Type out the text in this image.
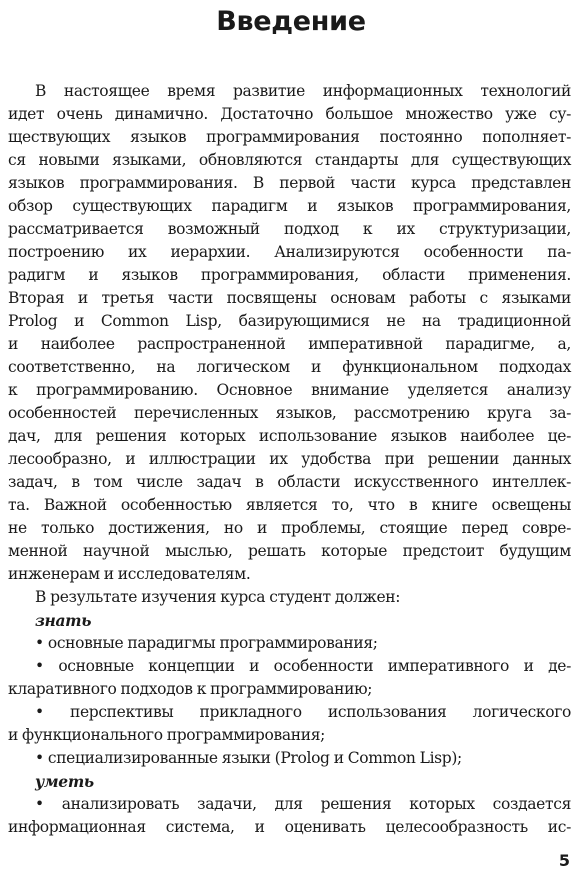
Введение
В настоящее время развитие информационных технологий
идет очень динамично. Достаточно большое множество уже су-
ществующих языков программирования постоянно пополняет-
ся новыми языками, обновляются стандарты для существующих
языков программирования. В первой части курса представлен
обзор существующих парадигм и языков программирования,
рассматривается возможный подход к их структуризации,
построению их иерархии. Анализируются особенности па-
радигм и языков программирования, области применения.
Вторая и третья части посвящены основам работы с языками
Prolog и Common Lisp, базирующимися не на традиционной
и наиболее распространенной императивной парадигме, а,
соответственно, на логическом и функциональном подходах
к программированию. Основное внимание уделяется анализу
особенностей перечисленных языков, рассмотрению круга за-
дач, для решения которых использование языков наиболее це-
лесообразно, и иллюстрации их удобства при решении данных
задач, в том числе задач в области искусственного интеллек-
та. Важной особенностью является то, что в книге освещены
не только достижения, но и проблемы, стоящие перед совре-
менной научной мыслью, решать которые предстоит будущим
инженерам и исследователям.
В результате изучения курса студент должен:
знать
• основные парадигмы программирования;
• основные концепции и особенности императивного и де-
кларативного подходов к программированию;
• перспективы прикладного использования логического
и функционального программирования;
• специализированные языки (Prolog и Common Lisp);
уметь
• анализировать задачи, для решения которых создается
информационная система, и оценивать целесообразность ис-
5
